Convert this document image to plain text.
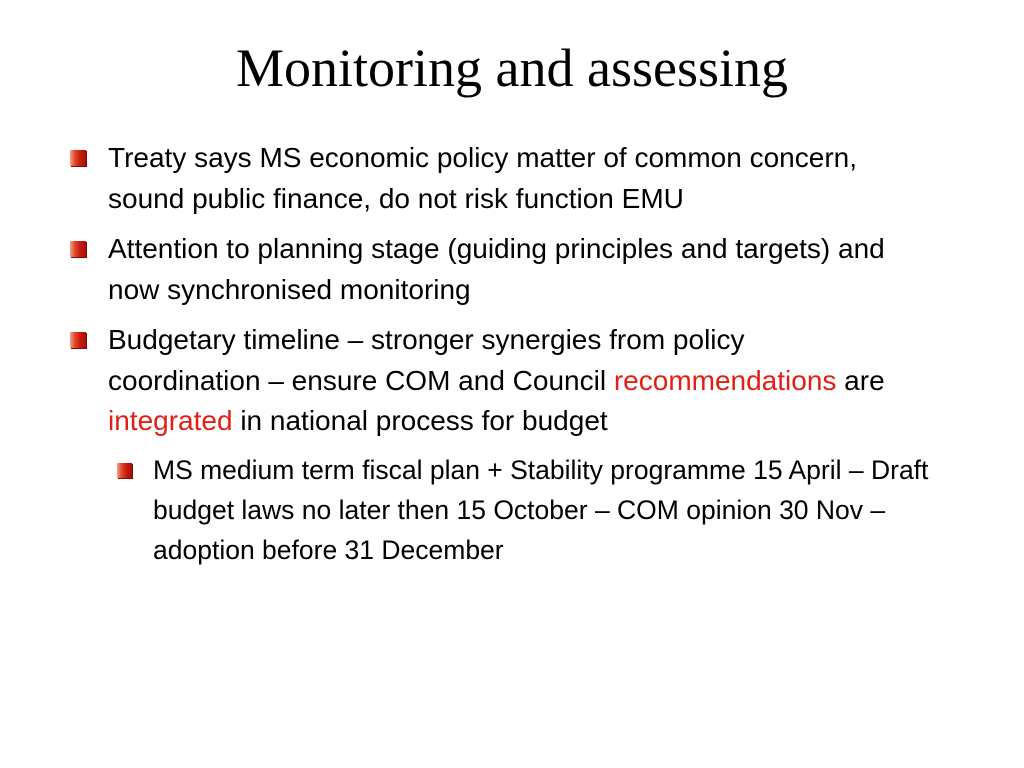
Monitoring and assessing
Treaty says MS economic policy matter of common concern, sound public finance, do not risk function EMU
Attention to planning stage (guiding principles and targets) and now synchronised monitoring
Budgetary timeline – stronger synergies from policy coordination – ensure COM and Council recommendations are integrated in national process for budget
MS medium term fiscal plan + Stability programme 15 April – Draft budget laws no later then 15 October – COM opinion 30 Nov – adoption before 31 December
